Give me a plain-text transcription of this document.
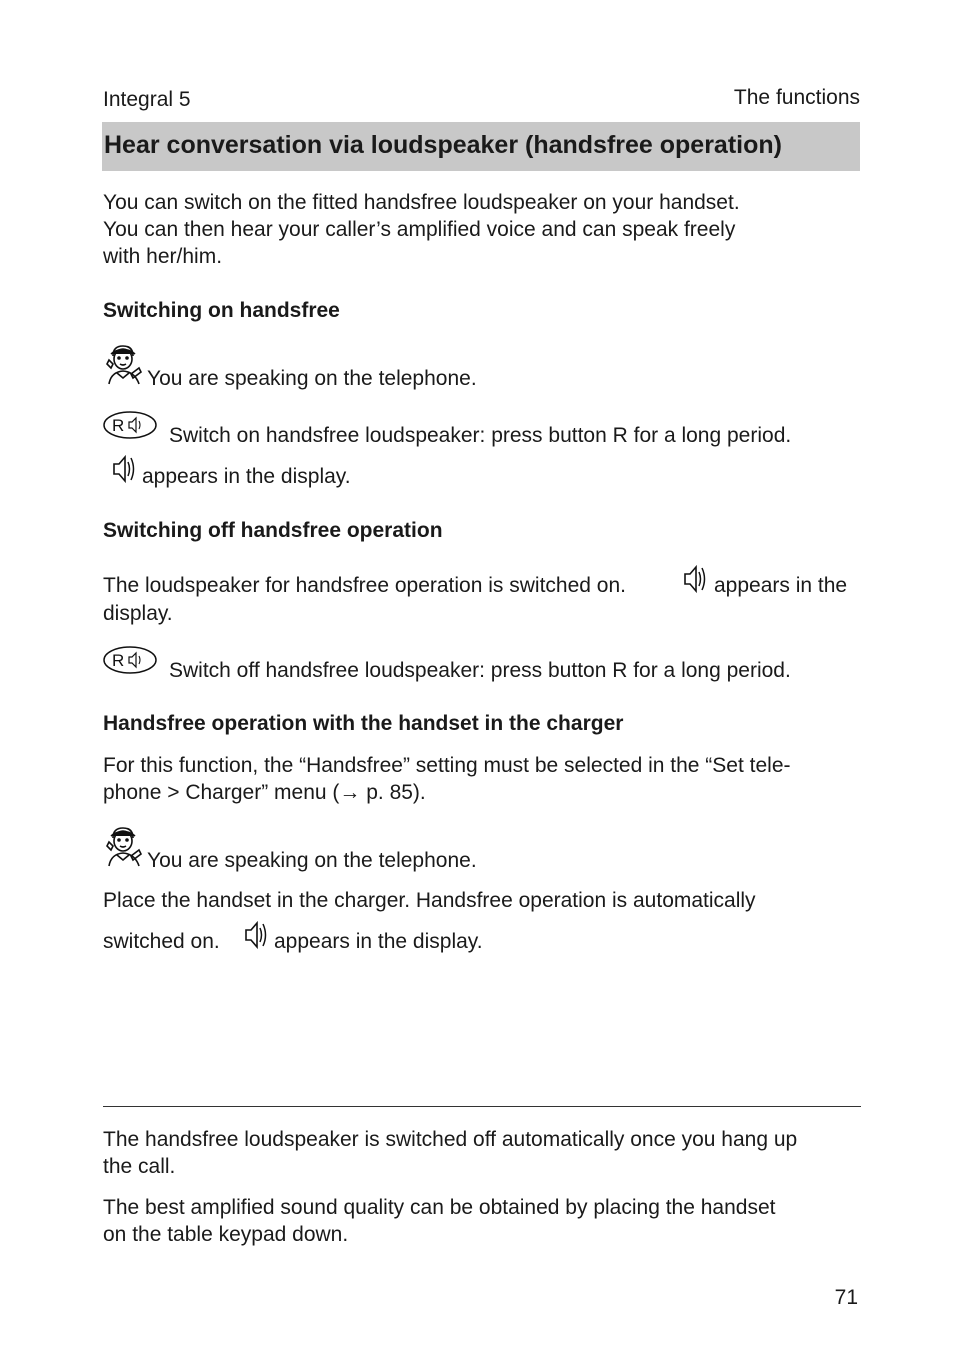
Integral 5	The functions
Hear conversation via loudspeaker (handsfree operation)
You can switch on the fitted handsfree loudspeaker on your handset.
You can then hear your caller’s amplified voice and can speak freely
with her/him.
Switching on handsfree
You are speaking on the telephone.
R Switch on handsfree loudspeaker: press button R for a long period.
appears in the display.
Switching off handsfree operation
The loudspeaker for handsfree operation is switched on.	appears in the
display.
R Switch off handsfree loudspeaker: press button R for a long period.
Handsfree operation with the handset in the charger
For this function, the “Handsfree” setting must be selected in the “Set tele-
phone > Charger” menu (→ p. 85).
You are speaking on the telephone.
Place the handset in the charger. Handsfree operation is automatically
switched on.	appears in the display.
The handsfree loudspeaker is switched off automatically once you hang up
the call.
The best amplified sound quality can be obtained by placing the handset
on the table keypad down.
71
